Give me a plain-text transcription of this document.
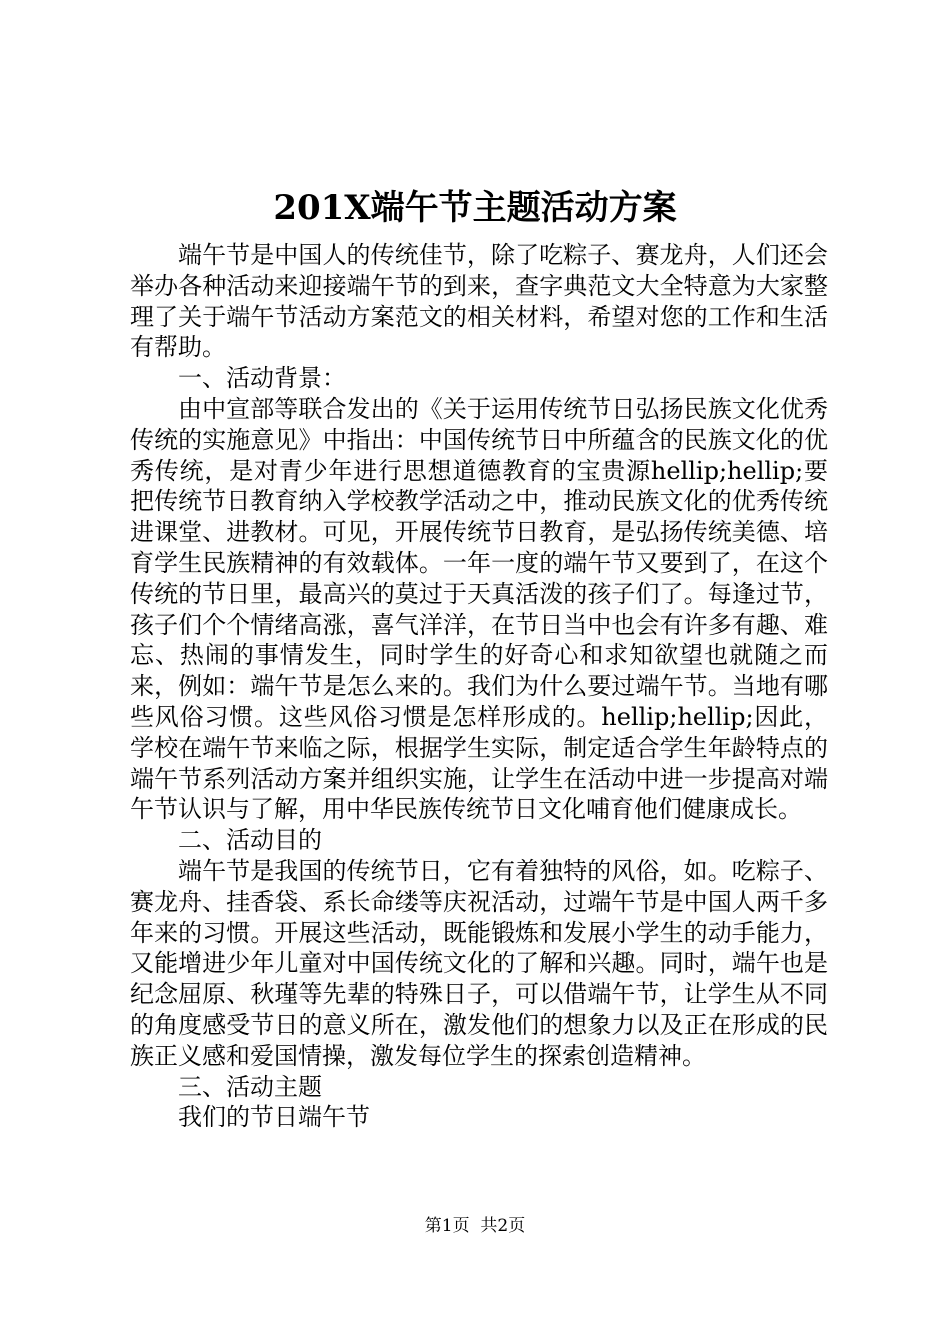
201X端午节主题活动方案

端午节是中国人的传统佳节，除了吃粽子、赛龙舟，人们还会举办各种活动来迎接端午节的到来，查字典范文大全特意为大家整理了关于端午节活动方案范文的相关材料，希望对您的工作和生活有帮助。

一、活动背景：

由中宣部等联合发出的《关于运用传统节日弘扬民族文化优秀传统的实施意见》中指出：中国传统节日中所蕴含的民族文化的优秀传统，是对青少年进行思想道德教育的宝贵源hellip;hellip;要把传统节日教育纳入学校教学活动之中，推动民族文化的优秀传统进课堂、进教材。可见，开展传统节日教育，是弘扬传统美德、培育学生民族精神的有效载体。一年一度的端午节又要到了，在这个传统的节日里，最高兴的莫过于天真活泼的孩子们了。每逢过节，孩子们个个情绪高涨，喜气洋洋，在节日当中也会有许多有趣、难忘、热闹的事情发生，同时学生的好奇心和求知欲望也就随之而来，例如：端午节是怎么来的。我们为什么要过端午节。当地有哪些风俗习惯。这些风俗习惯是怎样形成的。hellip;hellip;因此，学校在端午节来临之际，根据学生实际，制定适合学生年龄特点的端午节系列活动方案并组织实施，让学生在活动中进一步提高对端午节认识与了解，用中华民族传统节日文化哺育他们健康成长。

二、活动目的

端午节是我国的传统节日，它有着独特的风俗，如。吃粽子、赛龙舟、挂香袋、系长命缕等庆祝活动，过端午节是中国人两千多年来的习惯。开展这些活动，既能锻炼和发展小学生的动手能力，又能增进少年儿童对中国传统文化的了解和兴趣。同时，端午也是纪念屈原、秋瑾等先辈的特殊日子，可以借端午节，让学生从不同的角度感受节日的意义所在，激发他们的想象力以及正在形成的民族正义感和爱国情操，激发每位学生的探索创造精神。

三、活动主题

我们的节日端午节

第1页  共2页
